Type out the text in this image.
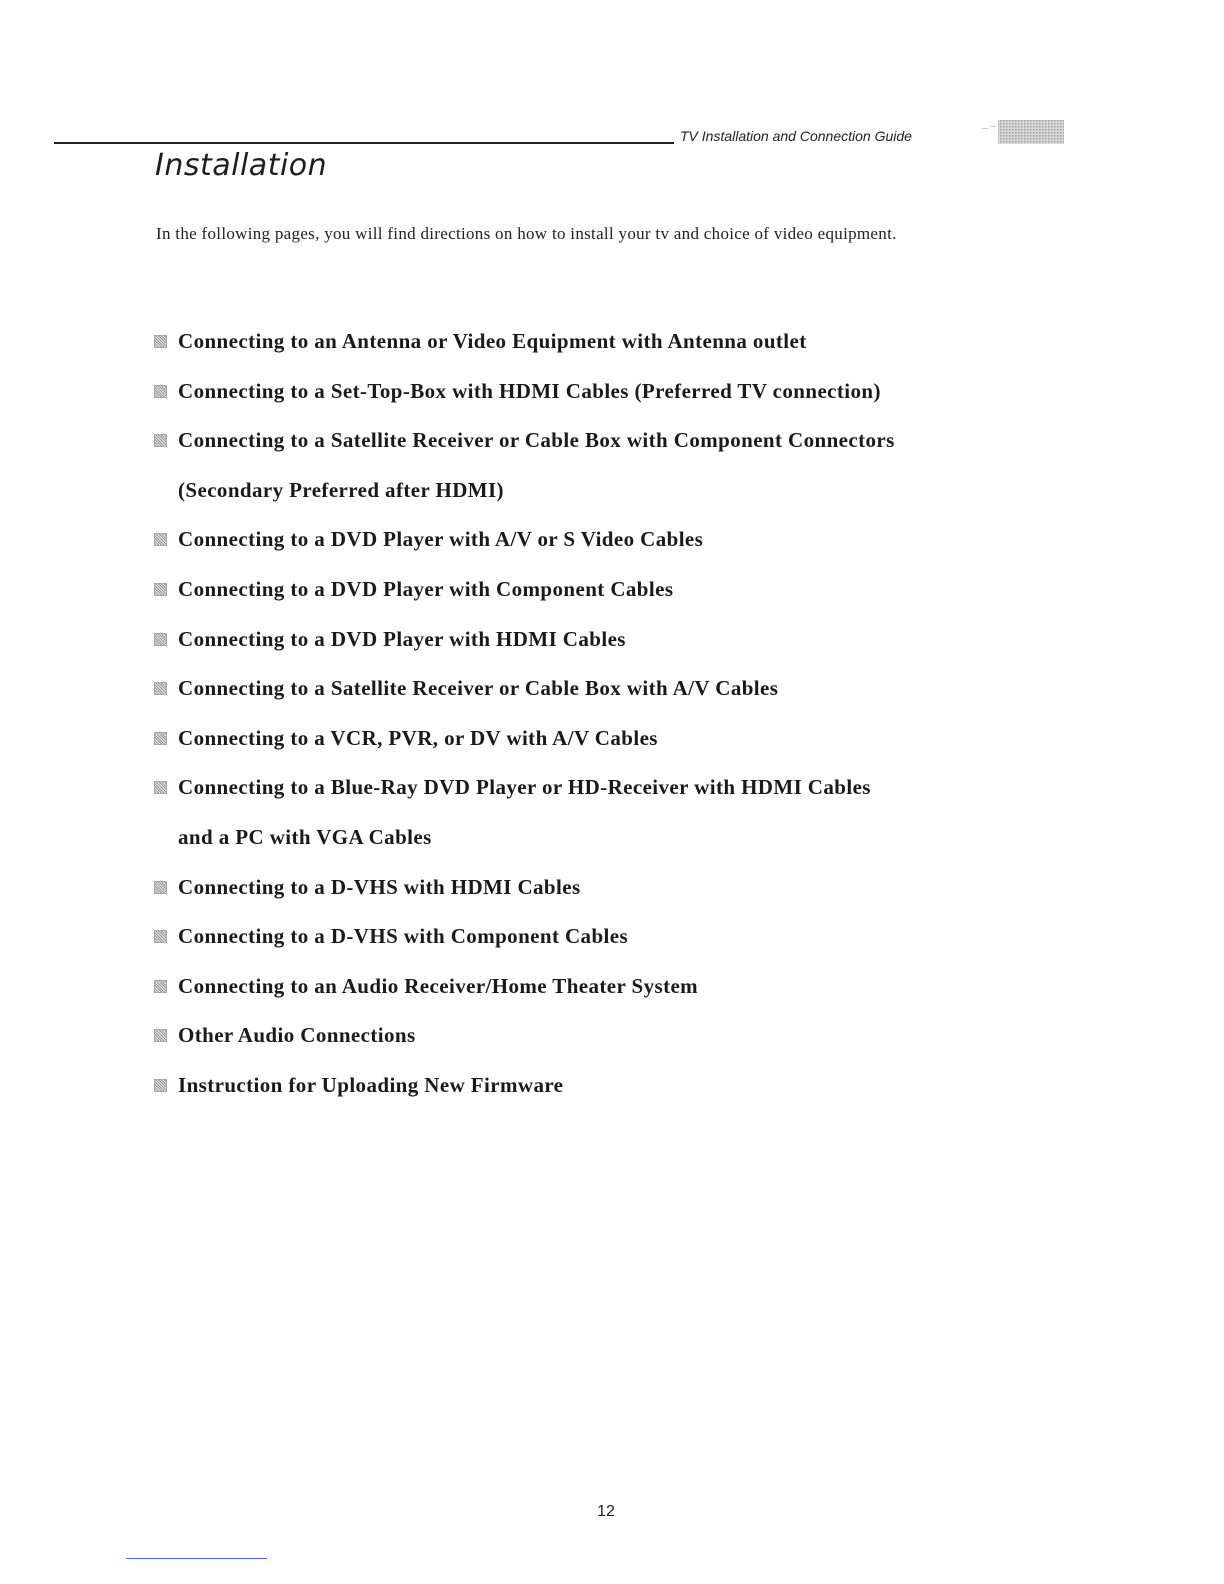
TV Installation and Connection Guide
Installation

In the following pages, you will find directions on how to install your tv and choice of video equipment.

Connecting to an Antenna or Video Equipment with Antenna outlet
Connecting to a Set-Top-Box with HDMI Cables (Preferred TV connection)
Connecting to a Satellite Receiver or Cable Box with Component Connectors
(Secondary Preferred after HDMI)
Connecting to a DVD Player with A/V or S Video Cables
Connecting to a DVD Player with Component Cables
Connecting to a DVD Player with HDMI Cables
Connecting to a Satellite Receiver or Cable Box with A/V Cables
Connecting to a VCR, PVR, or DV with A/V Cables
Connecting to a Blue-Ray DVD Player or HD-Receiver with HDMI Cables
and a PC with VGA Cables
Connecting to a D-VHS with HDMI Cables
Connecting to a D-VHS with Component Cables
Connecting to an Audio Receiver/Home Theater System
Other Audio Connections
Instruction for Uploading New Firmware
12
